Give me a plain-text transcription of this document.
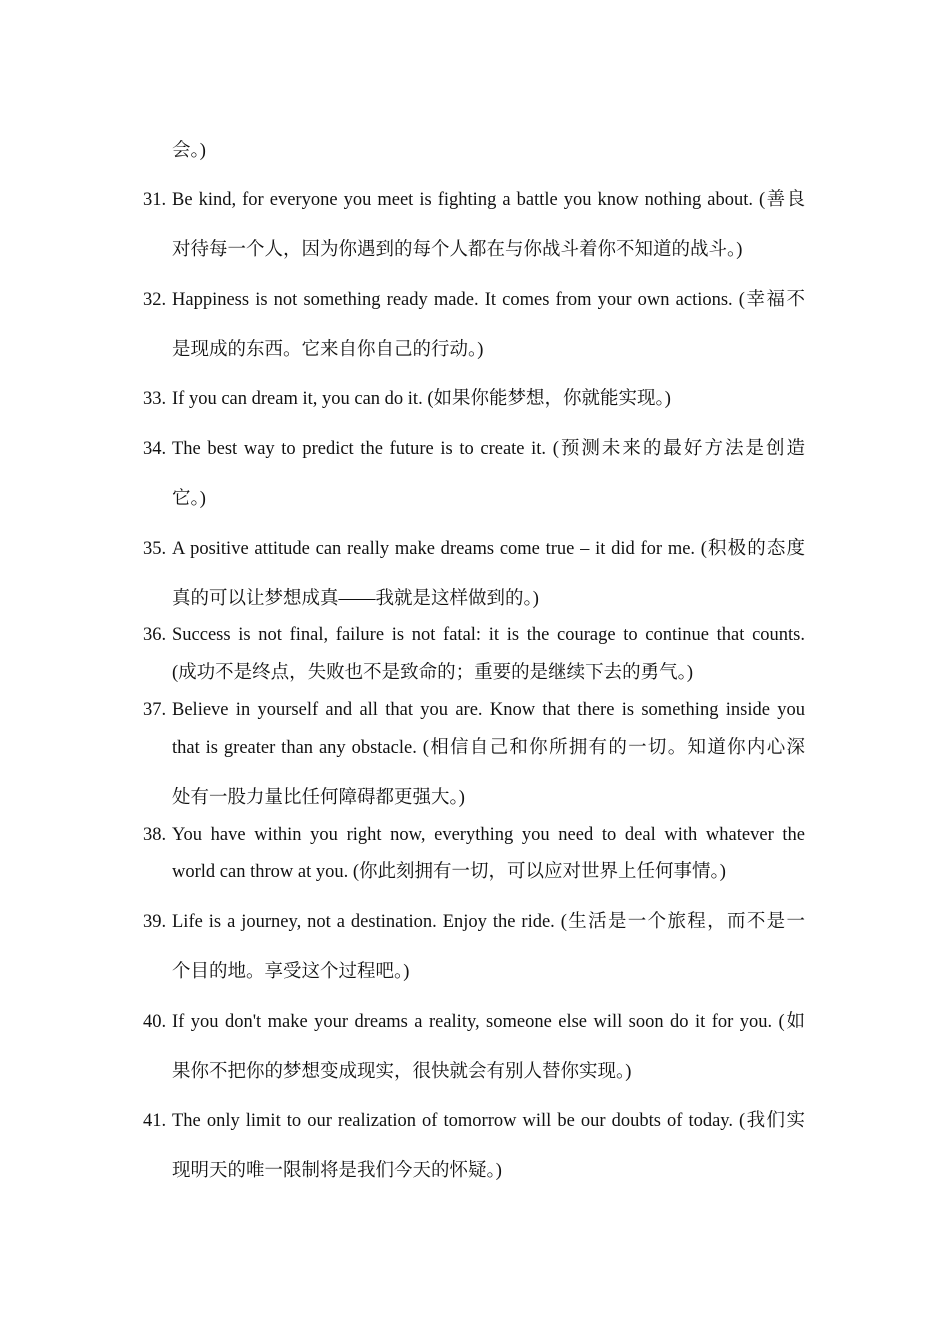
会。)
31. Be kind, for everyone you meet is fighting a battle you know nothing about. (善良
对待每一个人，因为你遇到的每个人都在与你战斗着你不知道的战斗。)
32. Happiness is not something ready made. It comes from your own actions. (幸福不
是现成的东西。它来自你自己的行动。)
33. If you can dream it, you can do it. (如果你能梦想，你就能实现。)
34. The best way to predict the future is to create it. (预测未来的最好方法是创造
它。)
35. A positive attitude can really make dreams come true – it did for me. (积极的态度
真的可以让梦想成真——我就是这样做到的。)
36. Success is not final, failure is not fatal: it is the courage to continue that counts.
(成功不是终点，失败也不是致命的；重要的是继续下去的勇气。)
37. Believe in yourself and all that you are. Know that there is something inside you
that is greater than any obstacle. (相信自己和你所拥有的一切。知道你内心深
处有一股力量比任何障碍都更强大。)
38. You have within you right now, everything you need to deal with whatever the
world can throw at you. (你此刻拥有一切，可以应对世界上任何事情。)
39. Life is a journey, not a destination. Enjoy the ride. (生活是一个旅程，而不是一
个目的地。享受这个过程吧。)
40. If you don't make your dreams a reality, someone else will soon do it for you. (如
果你不把你的梦想变成现实，很快就会有别人替你实现。)
41. The only limit to our realization of tomorrow will be our doubts of today. (我们实
现明天的唯一限制将是我们今天的怀疑。)
